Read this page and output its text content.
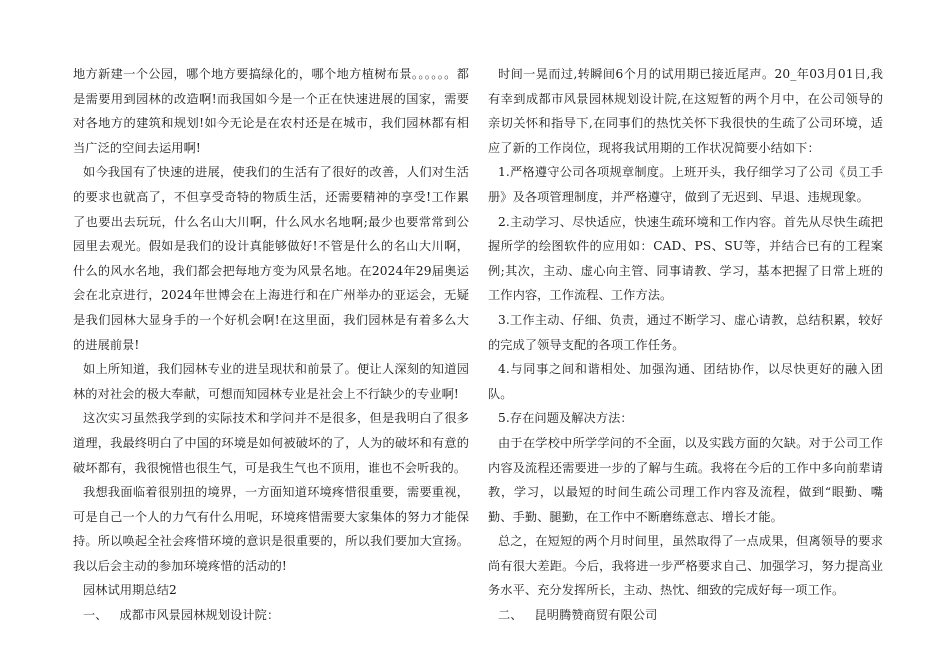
地方新建一个公园，哪个地方要搞绿化的，哪个地方植树布景。。。。。。都是需要用到园林的改造啊!而我国如今是一个正在快速进展的国家，需要对各地方的建筑和规划!如今无论是在农村还是在城市，我们园林都有相当广泛的空间去运用啊!

如今我国有了快速的进展，使我们的生活有了很好的改善，人们对生活的要求也就高了，不但享受奇特的物质生活，还需要精神的享受!工作累了也要出去玩玩，什么名山大川啊，什么风水名地啊;最少也要常常到公园里去观光。假如是我们的设计真能够做好!不管是什么的名山大川啊，什么的风水名地，我们都会把每地方变为风景名地。在2024年29届奥运会在北京进行，2024年世博会在上海进行和在广州举办的亚运会，无疑是我们园林大显身手的一个好机会啊!在这里面，我们园林是有着多么大的进展前景!

如上所知道，我们园林专业的进呈现状和前景了。便让人深刻的知道园林的对社会的极大奉献，可想而知园林专业是社会上不行缺少的专业啊!

这次实习虽然我学到的实际技术和学问并不是很多，但是我明白了很多道理，我最终明白了中国的环境是如何被破坏的了，人为的破坏和有意的破坏都有，我很惋惜也很生气，可是我生气也不顶用，谁也不会听我的。

我想我面临着很别扭的境界，一方面知道环境疼惜很重要，需要重视，可是自己一个人的力气有什么用呢，环境疼惜需要大家集体的努力才能保持。所以唤起全社会疼惜环境的意识是很重要的，所以我们要加大宣扬。我以后会主动的参加环境疼惜的活动的!

园林试用期总结2

一、   成都市风景园林规划设计院：

时间一晃而过,转瞬间6个月的试用期已接近尾声。20_年03月01日,我有幸到成都市风景园林规划设计院,在这短暂的两个月中，在公司领导的亲切关怀和指导下,在同事们的热忱关怀下我很快的生疏了公司环境，适应了新的工作岗位，现将我试用期的工作状况简要小结如下：

1.严格遵守公司各项规章制度。上班开头，我仔细学习了公司《员工手册》及各项管理制度，并严格遵守，做到了无迟到、早退、违规现象。

2.主动学习、尽快适应，快速生疏环境和工作内容。首先从尽快生疏把握所学的绘图软件的应用如：CAD、PS、SU等，并结合已有的工程案例;其次，主动、虚心向主管、同事请教、学习，基本把握了日常上班的工作内容，工作流程、工作方法。

3.工作主动、仔细、负责，通过不断学习、虚心请教，总结积累，较好的完成了领导支配的各项工作任务。

4.与同事之间和谐相处、加强沟通、团结协作，以尽快更好的融入团队。

5.存在问题及解决方法：

由于在学校中所学学问的不全面，以及实践方面的欠缺。对于公司工作内容及流程还需要进一步的了解与生疏。我将在今后的工作中多向前辈请教，学习，以最短的时间生疏公司理工作内容及流程，做到“眼勤、嘴勤、手勤、腿勤，在工作中不断磨练意志、增长才能。

总之，在短短的两个月时间里，虽然取得了一点成果，但离领导的要求尚有很大差距。今后，我将进一步严格要求自己、加强学习，努力提高业务水平、充分发挥所长，主动、热忱、细致的完成好每一项工作。

二、   昆明腾赞商贸有限公司
